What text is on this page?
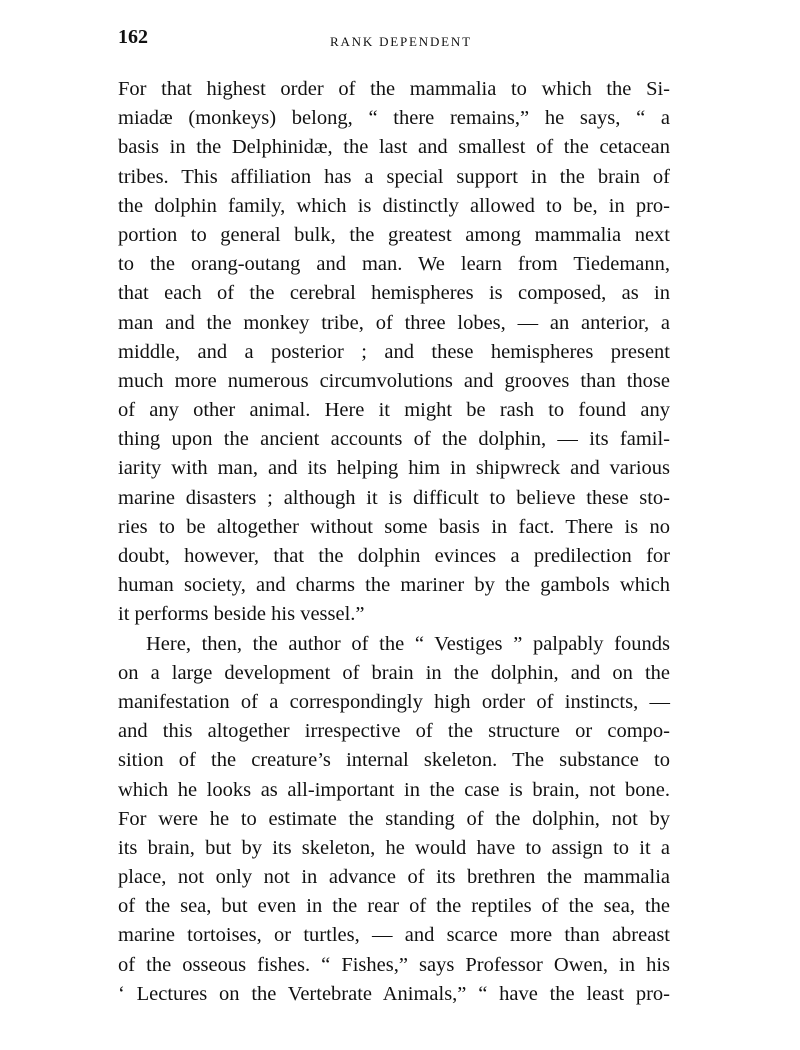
162	RANK DEPENDENT
For that highest order of the mammalia to which the Si-
miadæ (monkeys) belong, “ there remains,” he says, “ a
basis in the Delphinidæ, the last and smallest of the cetacean
tribes. This affiliation has a special support in the brain of
the dolphin family, which is distinctly allowed to be, in pro-
portion to general bulk, the greatest among mammalia next
to the orang-outang and man. We learn from Tiedemann,
that each of the cerebral hemispheres is composed, as in
man and the monkey tribe, of three lobes, — an anterior, a
middle, and a posterior ; and these hemispheres present
much more numerous circumvolutions and grooves than those
of any other animal. Here it might be rash to found any
thing upon the ancient accounts of the dolphin, — its famil-
iarity with man, and its helping him in shipwreck and various
marine disasters ; although it is difficult to believe these sto-
ries to be altogether without some basis in fact. There is no
doubt, however, that the dolphin evinces a predilection for
human society, and charms the mariner by the gambols which
it performs beside his vessel.”
Here, then, the author of the “ Vestiges ” palpably founds
on a large development of brain in the dolphin, and on the
manifestation of a correspondingly high order of instincts, —
and this altogether irrespective of the structure or compo-
sition of the creature’s internal skeleton. The substance to
which he looks as all-important in the case is brain, not bone.
For were he to estimate the standing of the dolphin, not by
its brain, but by its skeleton, he would have to assign to it a
place, not only not in advance of its brethren the mammalia
of the sea, but even in the rear of the reptiles of the sea, the
marine tortoises, or turtles, — and scarce more than abreast
of the osseous fishes. “ Fishes,” says Professor Owen, in his
‘ Lectures on the Vertebrate Animals,” “ have the least pro-
